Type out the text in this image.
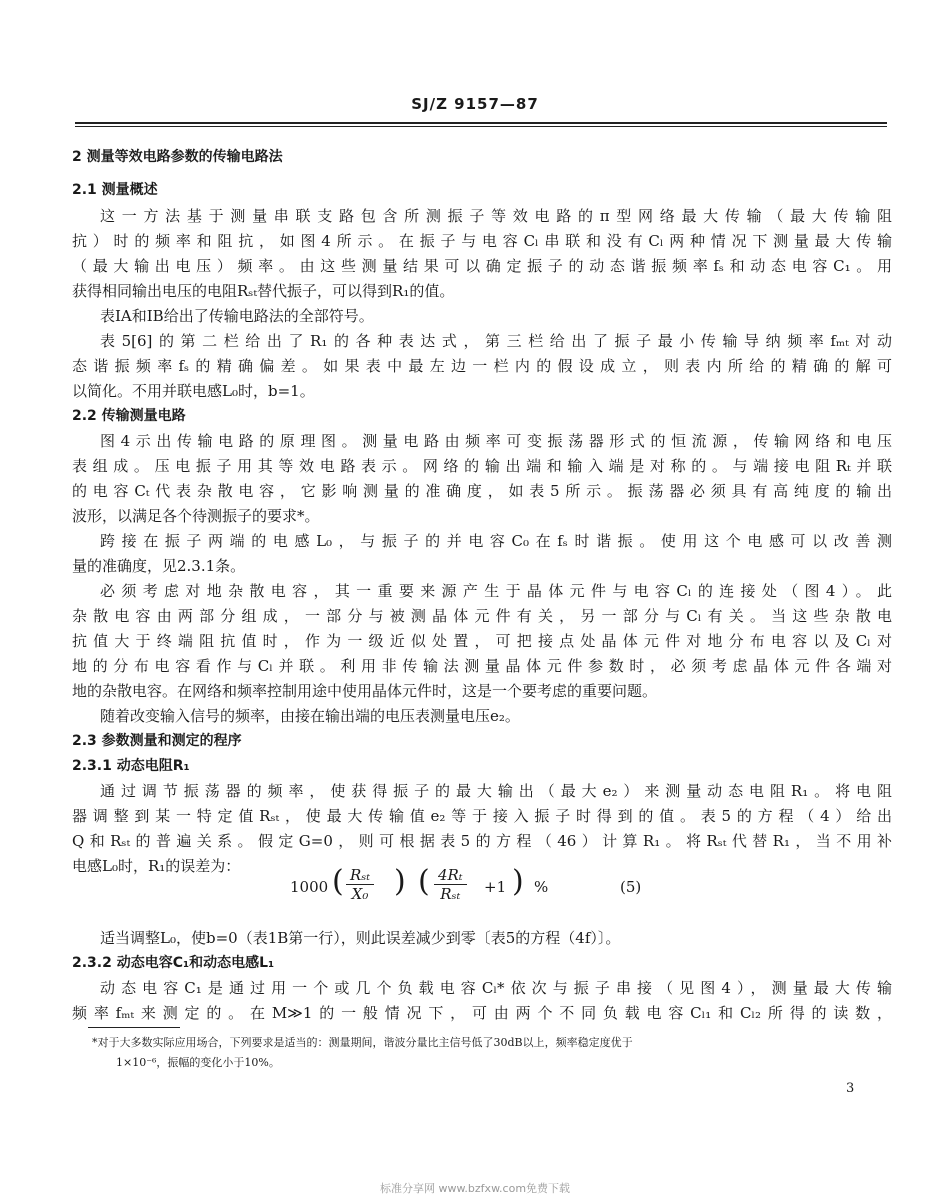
SJ/Z 9157—87
2 测量等效电路参数的传输电路法
2.1 测量概述
这一方法基于测量串联支路包含所测振子等效电路的π型网络最大传输（最大传输阻
抗）时的频率和阻抗，如图4所示。在振子与电容Cₗ串联和没有Cₗ两种情况下测量最大传输
（最大输出电压）频率。由这些测量结果可以确定振子的动态谐振频率fₛ和动态电容C₁。用
获得相同输出电压的电阻Rₛₜ替代振子，可以得到R₁的值。
表IA和IB给出了传输电路法的全部符号。
表5[6]的第二栏给出了R₁的各种表达式，第三栏给出了振子最小传输导纳频率fₘₜ对动
态谐振频率fₛ的精确偏差。如果表中最左边一栏内的假设成立，则表内所给的精确的解可
以简化。不用并联电感L₀时，b=1。
2.2 传输测量电路
图4示出传输电路的原理图。测量电路由频率可变振荡器形式的恒流源，传输网络和电压
表组成。压电振子用其等效电路表示。网络的输出端和输入端是对称的。与端接电阻Rₜ并联
的电容Cₜ代表杂散电容，它影响测量的准确度，如表5所示。振荡器必须具有高纯度的输出
波形，以满足各个待测振子的要求*。
跨接在振子两端的电感L₀，与振子的并电容C₀在fₛ时谐振。使用这个电感可以改善测
量的准确度，见2.3.1条。
必须考虑对地杂散电容，其一重要来源产生于晶体元件与电容Cₗ的连接处（图4）。此
杂散电容由两部分组成，一部分与被测晶体元件有关，另一部分与Cₗ有关。当这些杂散电
抗值大于终端阻抗值时，作为一级近似处置，可把接点处晶体元件对地分布电容以及Cₗ对
地的分布电容看作与Cₗ并联。利用非传输法测量晶体元件参数时，必须考虑晶体元件各端对
地的杂散电容。在网络和频率控制用途中使用晶体元件时，这是一个要考虑的重要问题。
随着改变输入信号的频率，由接在输出端的电压表测量电压e₂。
2.3 参数测量和测定的程序
2.3.1 动态电阻R₁
通过调节振荡器的频率，使获得振子的最大输出（最大e₂）来测量动态电阻R₁。将电阻
器调整到某一特定值Rₛₜ，使最大传输值e₂等于接入振子时得到的值。表5的方程（4）给出
Q和Rₛₜ的普遍关系。假定G=0，则可根据表5的方程（46）计算R₁。将Rₛₜ代替R₁，当不用补
电感L₀时，R₁的误差为：
1000 ( Rₛₜ
X₀ ) ( 4Rₜ
Rₛₜ	+1 ) %	(5)
适当调整L₀，使b=0（表1B第一行），则此误差减少到零〔表5的方程（4f）〕。
2.3.2 动态电容C₁和动态电感L₁
动态电容C₁是通过用一个或几个负载电容Cₗ*依次与振子串接（见图4），测量最大传输
频率fₘₜ来测定的。在M≫1的一般情况下，可由两个不同负载电容Cₗ₁和Cₗ₂所得的读数，
*对于大多数实际应用场合，下列要求是适当的：测量期间，谐波分量比主信号低了30dB以上，频率稳定度优于
1×10⁻⁶，振幅的变化小于10%。
3
标准分享网 www.bzfxw.com免费下载
